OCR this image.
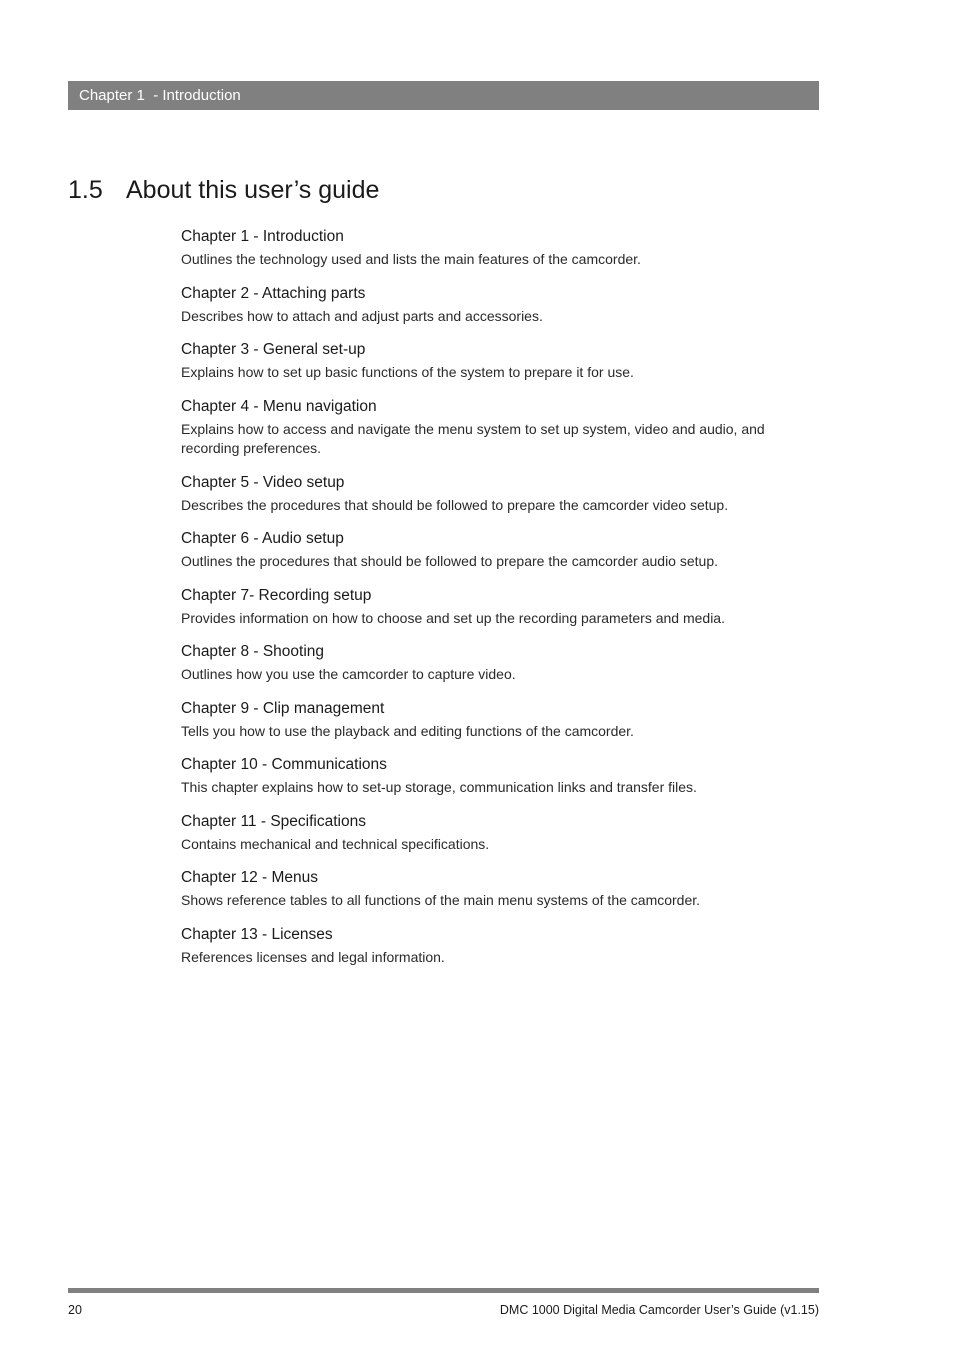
Chapter 1  - Introduction
1.5 About this user’s guide
Chapter 1 - Introduction
Outlines the technology used and lists the main features of the camcorder.
Chapter 2 - Attaching parts
Describes how to attach and adjust parts and accessories.
Chapter 3 - General set-up
Explains how to set up basic functions of the system to prepare it for use.
Chapter 4 - Menu navigation
Explains how to access and navigate the menu system to set up system, video and audio, and recording preferences.
Chapter 5 - Video setup
Describes the procedures that should be followed to prepare the camcorder video setup.
Chapter 6 - Audio setup
Outlines the procedures that should be followed to prepare the camcorder audio setup.
Chapter 7- Recording setup
Provides information on how to choose and set up the recording parameters and media.
Chapter 8 - Shooting
Outlines how you use the camcorder to capture video.
Chapter 9 - Clip management
Tells you how to use the playback and editing functions of the camcorder.
Chapter 10 - Communications
This chapter explains how to set-up storage, communication links and transfer files.
Chapter 11 - Specifications
Contains mechanical and technical specifications.
Chapter 12 - Menus
Shows reference tables to all functions of the main menu systems of the camcorder.
Chapter 13 - Licenses
References licenses and legal information.
20	DMC 1000 Digital Media Camcorder User’s Guide (v1.15)
